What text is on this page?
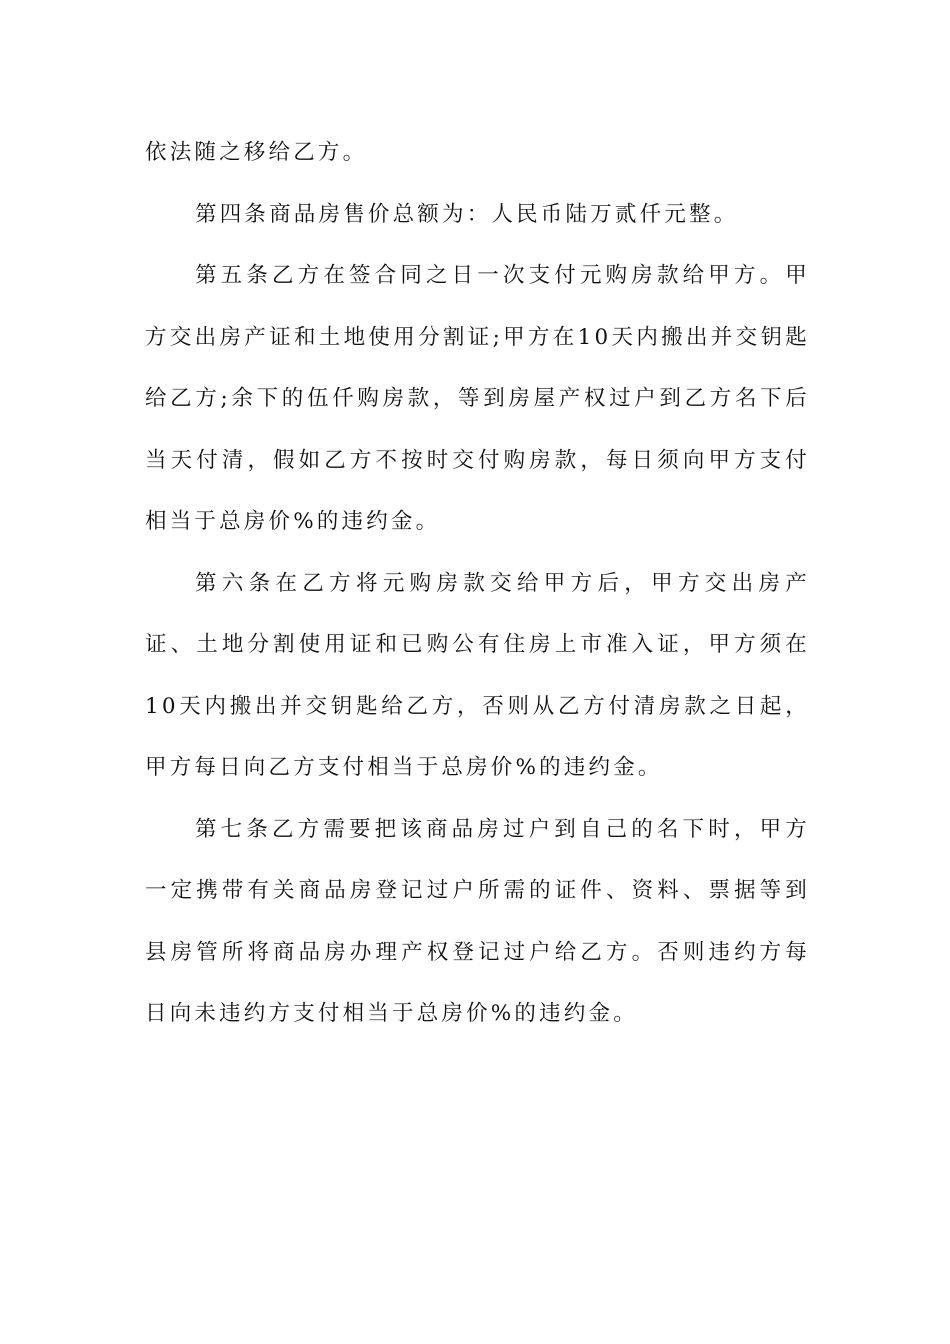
依法随之移给乙方。

第四条商品房售价总额为：人民币陆万贰仟元整。

第五条乙方在签合同之日一次支付元购房款给甲方。甲方交出房产证和土地使用分割证;甲方在10天内搬出并交钥匙给乙方;余下的伍仟购房款，等到房屋产权过户到乙方名下后当天付清，假如乙方不按时交付购房款，每日须向甲方支付相当于总房价%的违约金。

第六条在乙方将元购房款交给甲方后，甲方交出房产证、土地分割使用证和已购公有住房上市准入证，甲方须在10天内搬出并交钥匙给乙方，否则从乙方付清房款之日起，甲方每日向乙方支付相当于总房价%的违约金。

第七条乙方需要把该商品房过户到自己的名下时，甲方一定携带有关商品房登记过户所需的证件、资料、票据等到县房管所将商品房办理产权登记过户给乙方。否则违约方每日向未违约方支付相当于总房价%的违约金。
